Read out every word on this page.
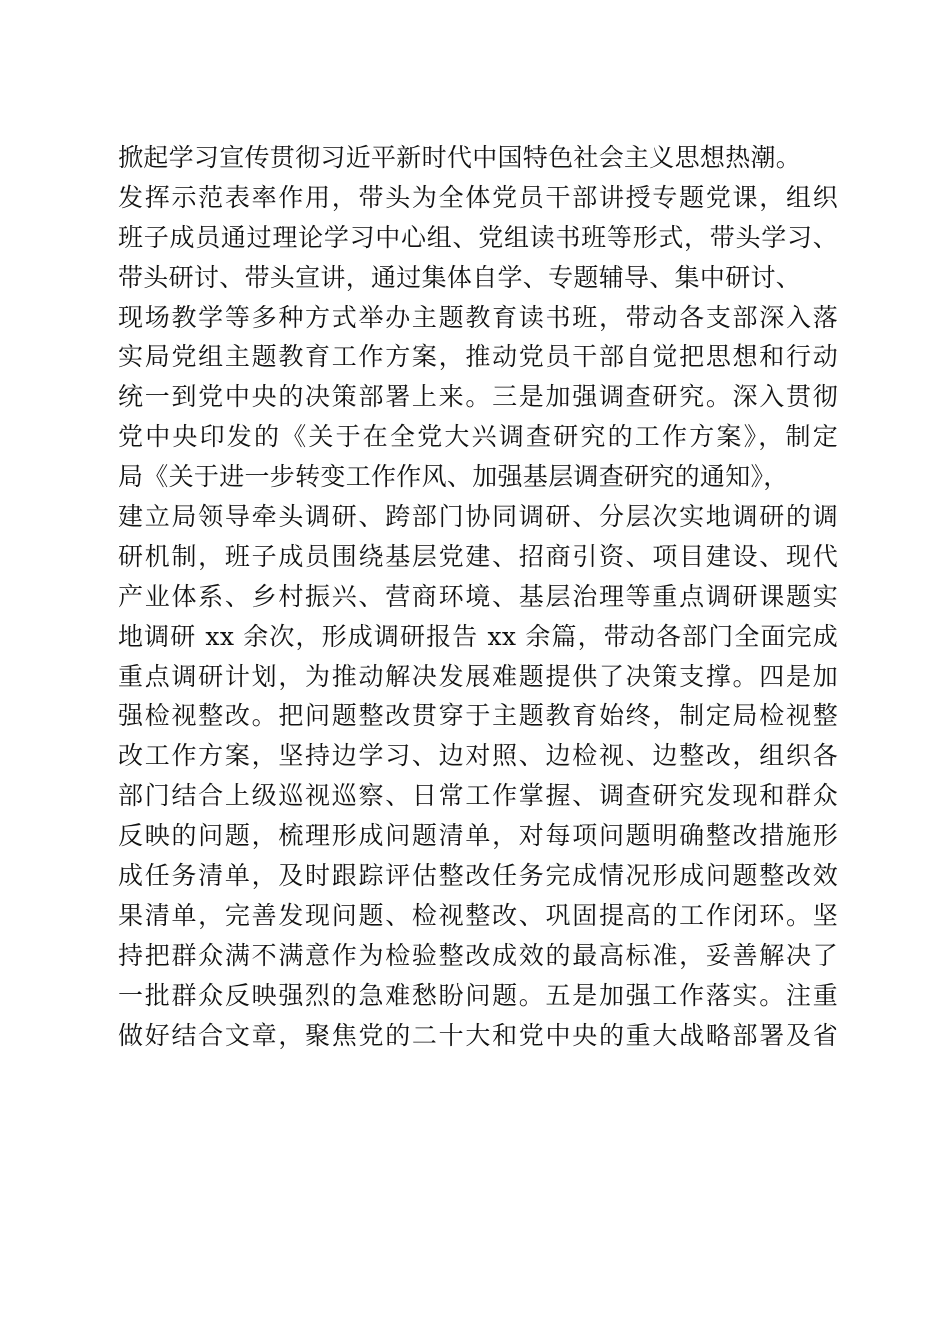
掀起学习宣传贯彻习近平新时代中国特色社会主义思想热潮。
发挥示范表率作用，带头为全体党员干部讲授专题党课，组织
班子成员通过理论学习中心组、党组读书班等形式，带头学习、
带头研讨、带头宣讲，通过集体自学、专题辅导、集中研讨、
现场教学等多种方式举办主题教育读书班，带动各支部深入落
实局党组主题教育工作方案，推动党员干部自觉把思想和行动
统一到党中央的决策部署上来。三是加强调查研究。深入贯彻
党中央印发的《关于在全党大兴调查研究的工作方案》，制定
局《关于进一步转变工作作风、加强基层调查研究的通知》，
建立局领导牵头调研、跨部门协同调研、分层次实地调研的调
研机制，班子成员围绕基层党建、招商引资、项目建设、现代
产业体系、乡村振兴、营商环境、基层治理等重点调研课题实
地调研 xx 余次，形成调研报告 xx 余篇，带动各部门全面完成
重点调研计划，为推动解决发展难题提供了决策支撑。四是加
强检视整改。把问题整改贯穿于主题教育始终，制定局检视整
改工作方案，坚持边学习、边对照、边检视、边整改，组织各
部门结合上级巡视巡察、日常工作掌握、调查研究发现和群众
反映的问题，梳理形成问题清单，对每项问题明确整改措施形
成任务清单，及时跟踪评估整改任务完成情况形成问题整改效
果清单，完善发现问题、检视整改、巩固提高的工作闭环。坚
持把群众满不满意作为检验整改成效的最高标准，妥善解决了
一批群众反映强烈的急难愁盼问题。五是加强工作落实。注重
做好结合文章，聚焦党的二十大和党中央的重大战略部署及省
